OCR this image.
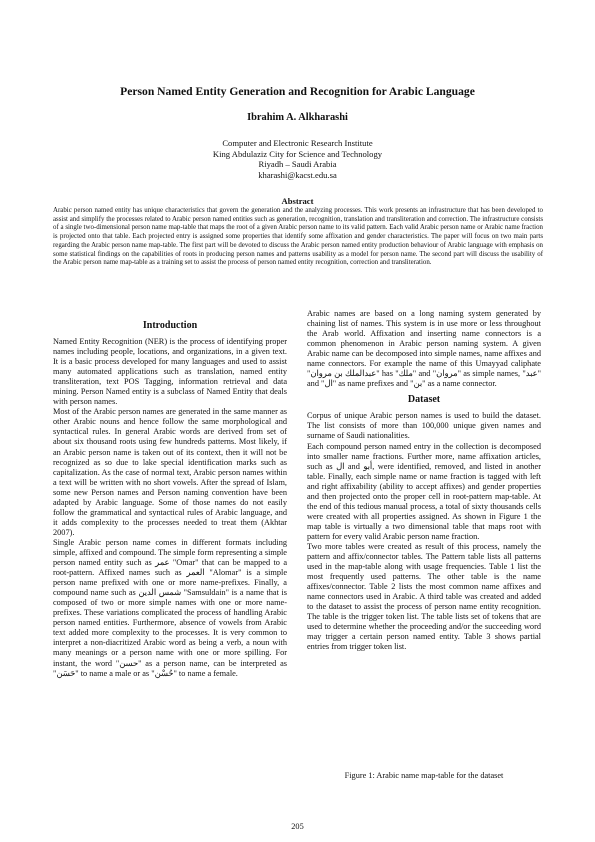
Person Named Entity Generation and Recognition for Arabic Language
Ibrahim A. Alkharashi
Computer and Electronic Research Institute
King Abdulaziz City for Science and Technology
Riyadh – Saudi Arabia
kharashi@kacst.edu.sa
Abstract
Arabic person named entity has unique characteristics that govern the generation and the analyzing processes. This work presents an infrastructure that has been developed to assist and simplify the processes related to Arabic person named entities such as generation, recognition, translation and transliteration and correction. The infrastructure consists of a single two-dimensional person name map-table that maps the root of a given Arabic person name to its valid pattern. Each valid Arabic person name or Arabic name fraction is projected onto that table. Each projected entry is assigned some properties that identify some affixation and gender characteristics. The paper will focus on two main parts regarding the Arabic person name map-table. The first part will be devoted to discuss the Arabic person named entity production behaviour of Arabic language with emphasis on some statistical findings on the capabilities of roots in producing person names and patterns usability as a model for person name. The second part will discuss the usability of the Arabic person name map-table as a training set to assist the process of person named entity recognition, correction and transliteration.
Introduction
Named Entity Recognition (NER) is the process of identifying proper names including people, locations, and organizations, in a given text. It is a basic process developed for many languages and used to assist many automated applications such as translation, named entity transliteration, text POS Tagging, information retrieval and data mining. Person Named entity is a subclass of Named Entity that deals with person names.
Most of the Arabic person names are generated in the same manner as other Arabic nouns and hence follow the same morphological and syntactical rules. In general Arabic words are derived from set of about six thousand roots using few hundreds patterns. Most likely, if an Arabic person name is taken out of its context, then it will not be recognized as so due to lake special identification marks such as capitalization. As the case of normal text, Arabic person names within a text will be written with no short vowels. After the spread of Islam, some new Person names and Person naming convention have been adapted by Arabic language. Some of those names do not easily follow the grammatical and syntactical rules of Arabic language, and it adds complexity to the processes needed to treat them (Akhtar 2007).
Single Arabic person name comes in different formats including simple, affixed and compound. The simple form representing a simple person named entity such as عمر "Omar" that can be mapped to a root-pattern. Affixed names such as العمر "Alomar" is a simple person name prefixed with one or more name-prefixes. Finally, a compound name such as شمس الدين "Samsuldain" is a name that is composed of two or more simple names with one or more name-prefixes. These variations complicated the process of handling Arabic person named entities. Furthermore, absence of vowels from Arabic text added more complexity to the processes. It is very common to interpret a non-diacritized Arabic word as being a verb, a noun with many meanings or a person name with one or more spilling. For instant, the word "حسن" as a person name, can be interpreted as "حَسَن" to name a male or as "حُسْن" to name a female.
Arabic names are based on a long naming system generated by chaining list of names. This system is in use more or less throughout the Arab world. Affixation and inserting name connectors is a common phenomenon in Arabic person naming system. A given Arabic name can be decomposed into simple names, name affixes and name connectors. For example the name of this Umayyad caliphate "عبدالملك بن مروان" has "ملك" and "مروان" as simple names, "عبد" and "ال" as name prefixes and "بن" as a name connector.
Dataset
Corpus of unique Arabic person names is used to build the dataset. The list consists of more than 100,000 unique given names and surname of Saudi nationalities.
Each compound person named entry in the collection is decomposed into smaller name fractions. Further more, name affixation articles, such as ال and أبو, were identified, removed, and listed in another table. Finally, each simple name or name fraction is tagged with left and right affixability (ability to accept affixes) and gender properties and then projected onto the proper cell in root-pattern map-table. At the end of this tedious manual process, a total of sixty thousands cells were created with all properties assigned. As shown in Figure 1 the map table is virtually a two dimensional table that maps root with pattern for every valid Arabic person name fraction.
Two more tables were created as result of this process, namely the pattern and affix/connector tables. The Pattern table lists all patterns used in the map-table along with usage frequencies. Table 1 list the most frequently used patterns. The other table is the name affixes/connector. Table 2 lists the most common name affixes and name connectors used in Arabic. A third table was created and added to the dataset to assist the process of person name entity recognition. The table is the trigger token list. The table lists set of tokens that are used to determine whether the proceeding and/or the succeeding word may trigger a certain person named entity. Table 3 shows partial entries from trigger token list.
Figure 1: Arabic name map-table for the dataset
205
